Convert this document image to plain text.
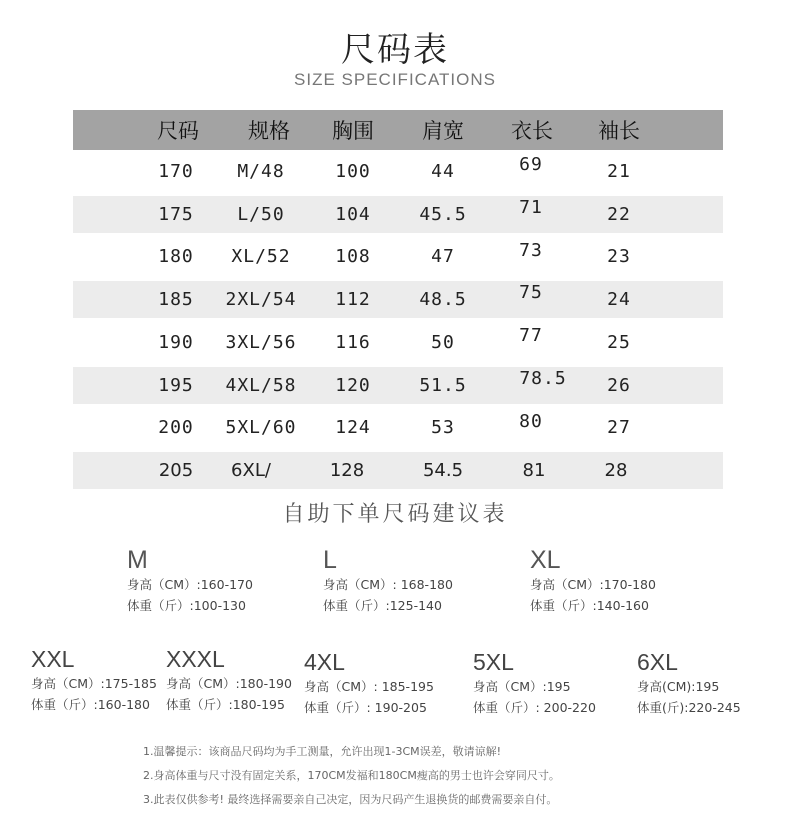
尺码表
SIZE SPECIFICATIONS
尺码 规格 胸围 肩宽 衣长 袖长
170 M/48	100	44	69	21
175 L/50	104	45.5	71	22
180 XL/52 108	47	73	23
185 2XL/54 112	48.5	75	24
190 3XL/56 116	50	77	25
195 4XL/58 120	51.5	78.5 26
200 5XL/60 124	53	80	27
205 6XL/	128	54.5	81	28
自助下单尺码建议表
M
身高（CM）:160-170
体重（斤）:100-130
L
身高（CM）: 168-180
体重（斤）:125-140
XL
身高（CM）:170-180
体重（斤）:140-160
XXL
身高（CM）:175-185
体重（斤）:160-180
XXXL
身高（CM）:180-190
体重（斤）:180-195
4XL
身高（CM）: 185-195
体重（斤）: 190-205
5XL
身高（CM）:195
体重（斤）: 200-220
6XL
身高(CM):195
体重(斤):220-245
1.温馨提示：该商品尺码均为手工测量，允许出现1-3CM误差，敬请谅解!
2.身高体重与尺寸没有固定关系，170CM发福和180CM瘦高的男士也许会穿同尺寸。
3.此表仅供参考! 最终选择需要亲自己决定，因为尺码产生退换货的邮费需要亲自付。
